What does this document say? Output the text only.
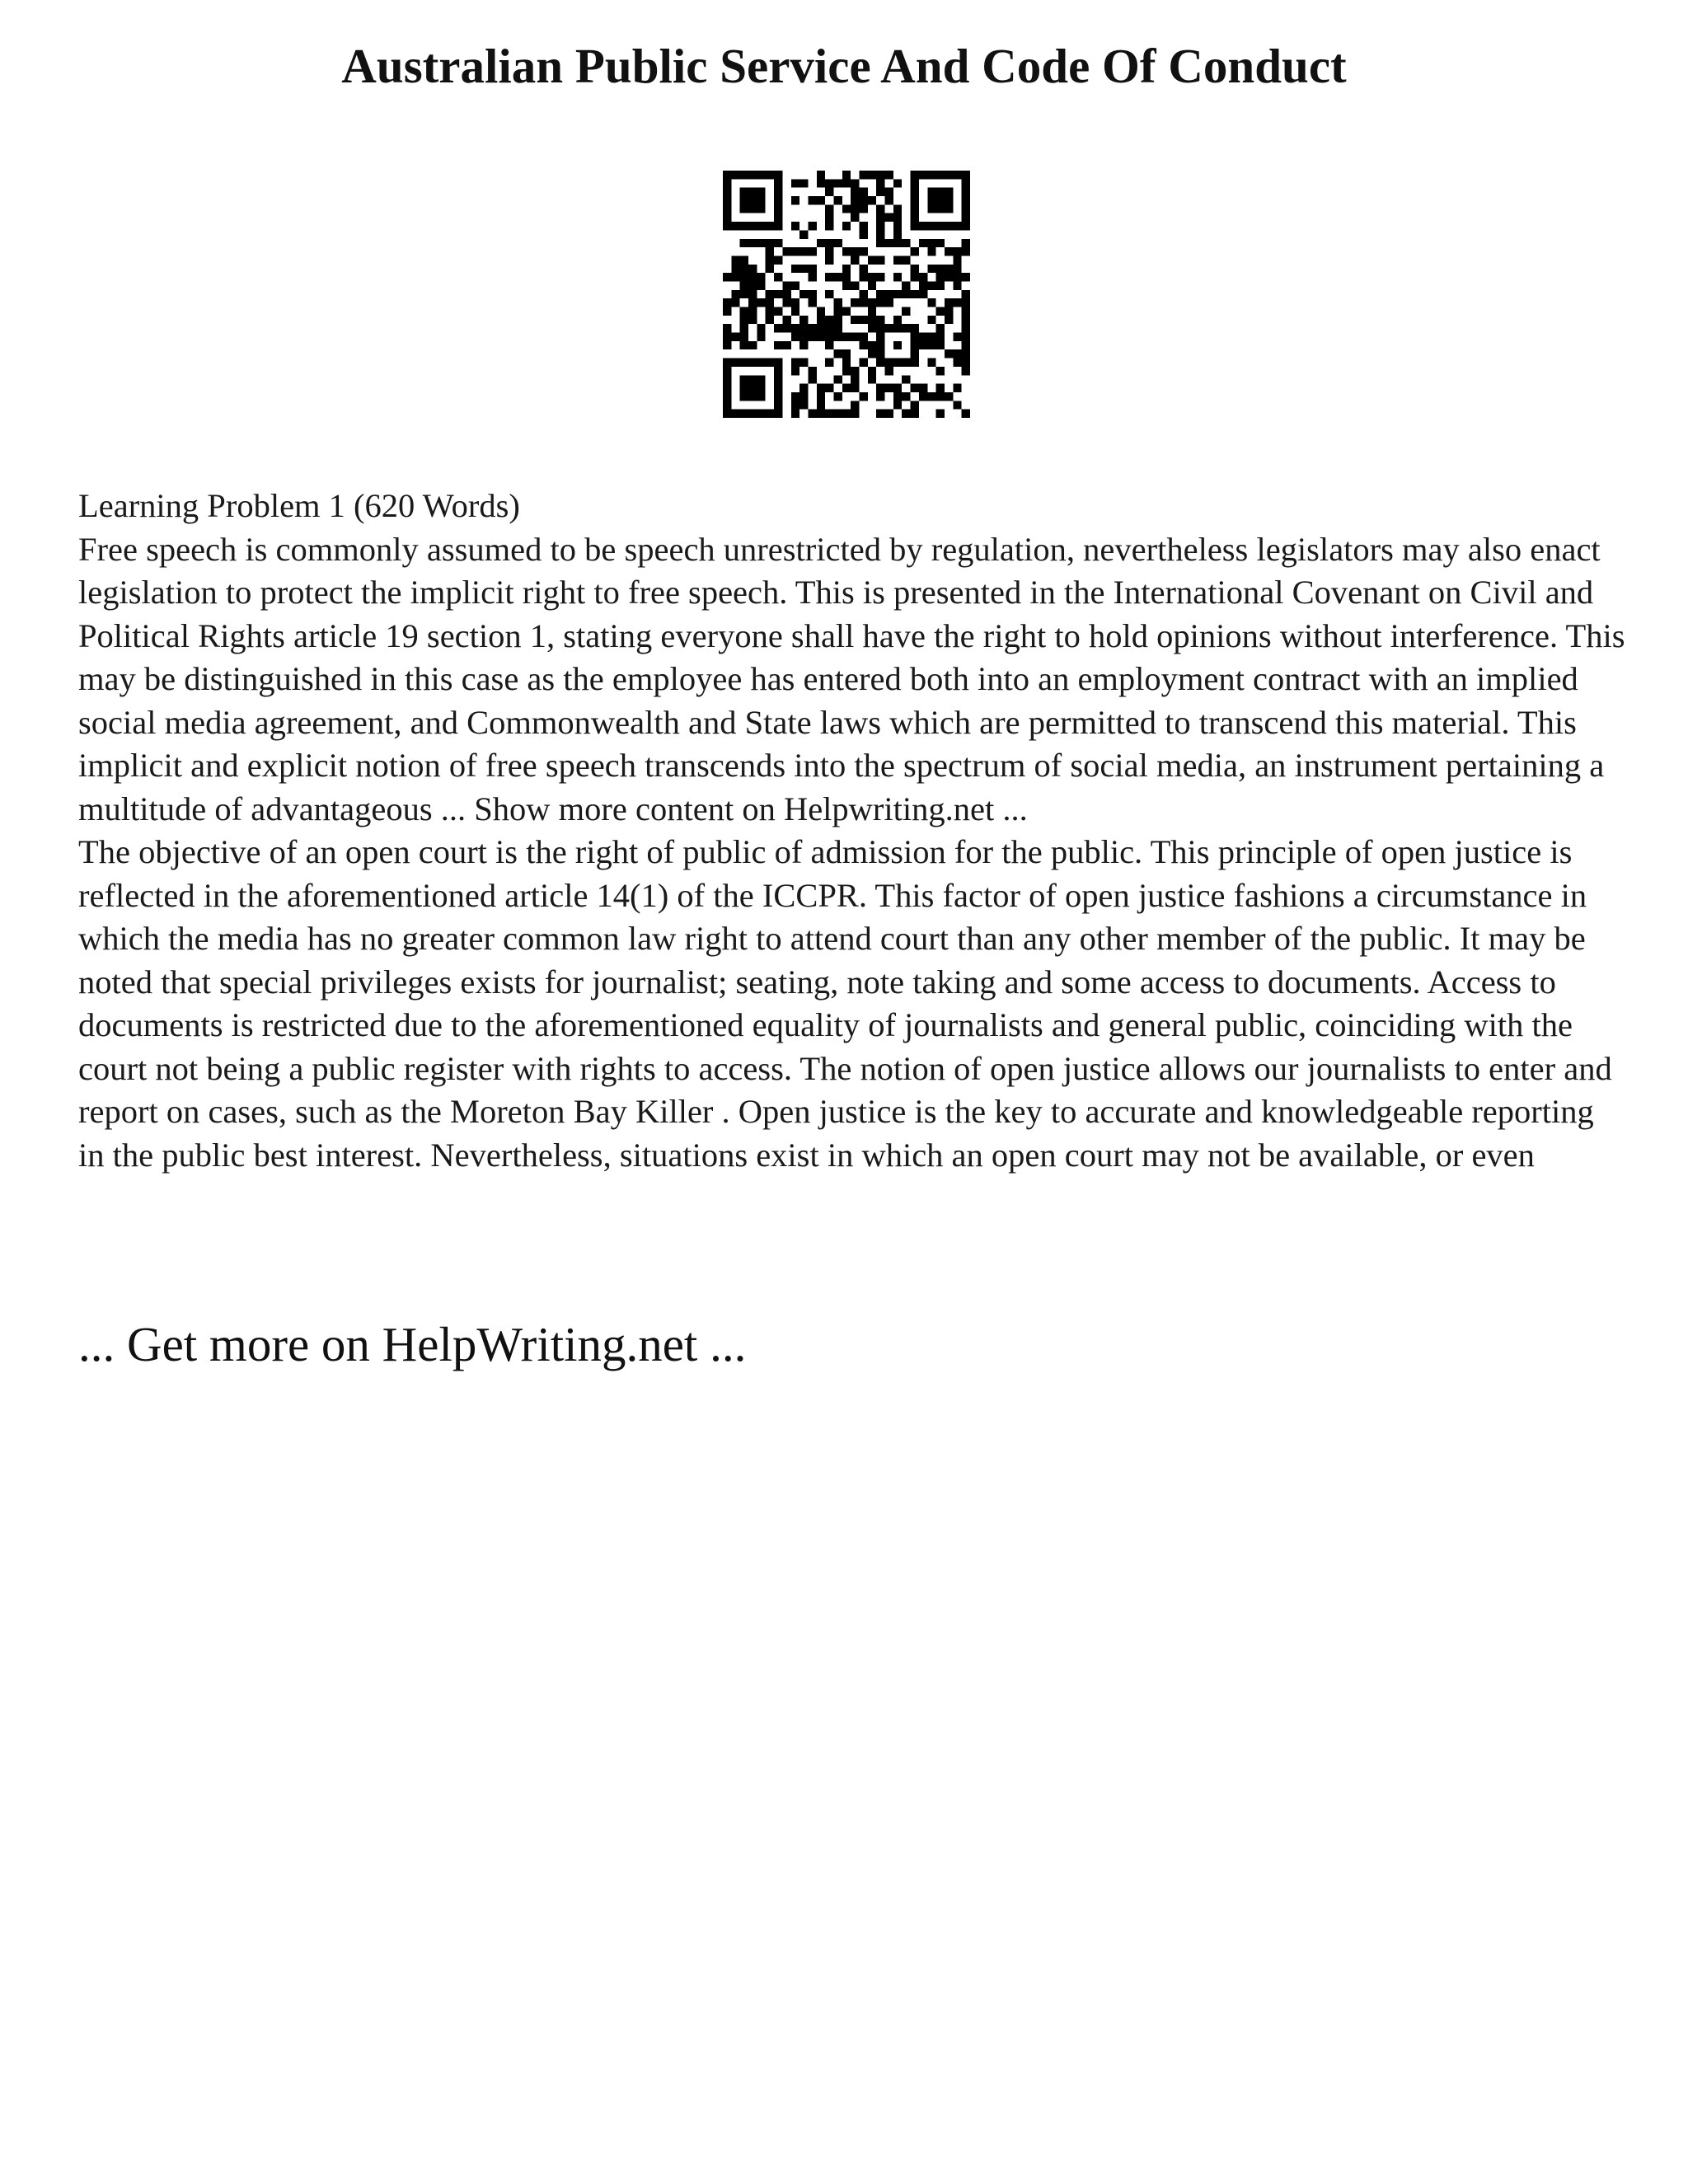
Australian Public Service And Code Of Conduct

Learning Problem 1 (620 Words)

Free speech is commonly assumed to be speech unrestricted by regulation, nevertheless legislators may also enact legislation to protect the implicit right to free speech. This is presented in the International Covenant on Civil and Political Rights article 19 section 1, stating everyone shall have the right to hold opinions without interference. This may be distinguished in this case as the employee has entered both into an employment contract with an implied social media agreement, and Commonwealth and State laws which are permitted to transcend this material. This implicit and explicit notion of free speech transcends into the spectrum of social media, an instrument pertaining a multitude of advantageous ... Show more content on Helpwriting.net ...

The objective of an open court is the right of public of admission for the public. This principle of open justice is reflected in the aforementioned article 14(1) of the ICCPR. This factor of open justice fashions a circumstance in which the media has no greater common law right to attend court than any other member of the public. It may be noted that special privileges exists for journalist; seating, note taking and some access to documents. Access to documents is restricted due to the aforementioned equality of journalists and general public, coinciding with the court not being a public register with rights to access. The notion of open justice allows our journalists to enter and report on cases, such as the Moreton Bay Killer . Open justice is the key to accurate and knowledgeable reporting in the public best interest. Nevertheless, situations exist in which an open court may not be available, or even

... Get more on HelpWriting.net ...
